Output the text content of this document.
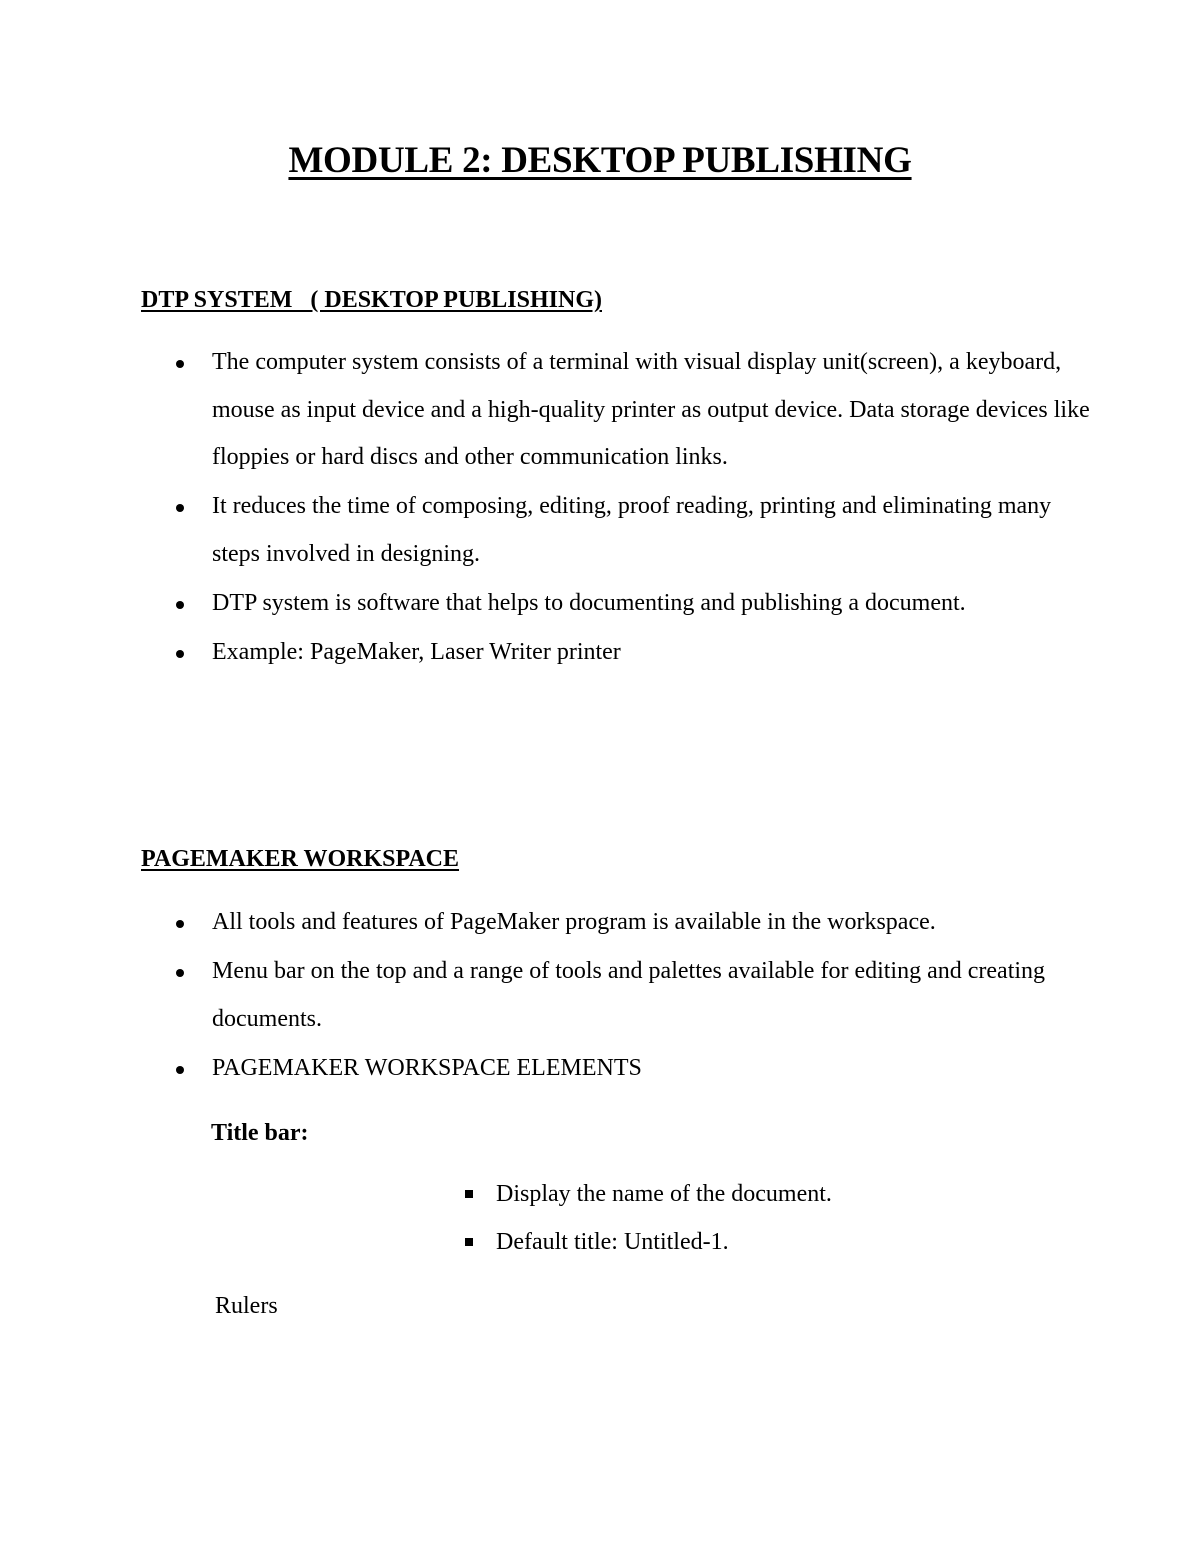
MODULE 2: DESKTOP PUBLISHING
DTP SYSTEM   ( DESKTOP PUBLISHING)
The computer system consists of a terminal with visual display unit(screen), a keyboard, mouse as input device and a high-quality printer as output device. Data storage devices like floppies or hard discs and other communication links.
It reduces the time of composing, editing, proof reading, printing and eliminating many steps involved in designing.
DTP system is software that helps to documenting and publishing a document.
Example: PageMaker, Laser Writer printer
PAGEMAKER WORKSPACE
All tools and features of PageMaker program is available in the workspace.
Menu bar on the top and a range of tools and palettes available for editing and creating documents.
PAGEMAKER WORKSPACE ELEMENTS
Title bar:
Display the name of the document.
Default title: Untitled-1.
Rulers
